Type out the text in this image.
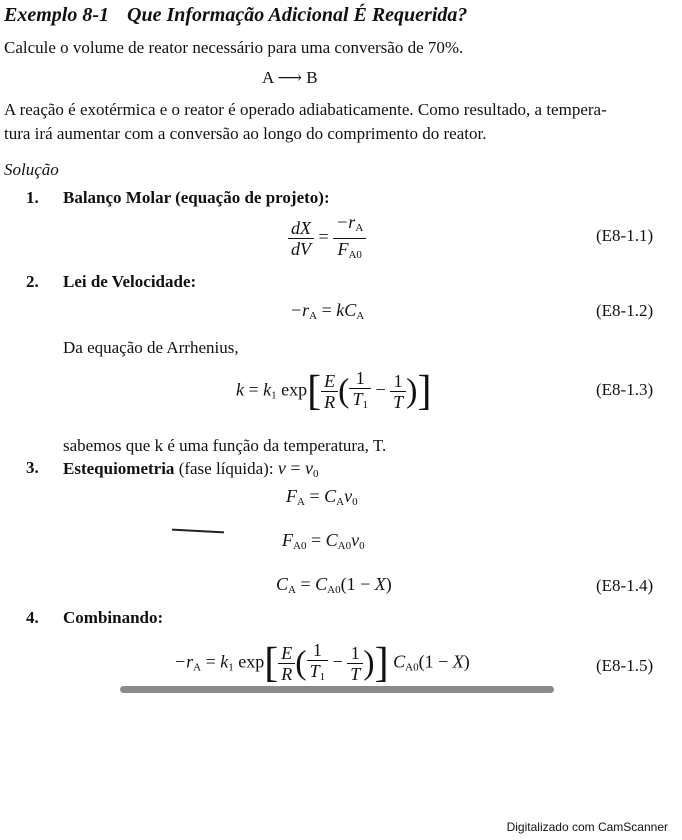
Exemplo 8-1 Que Informação Adicional É Requerida?
Calcule o volume de reator necessário para uma conversão de 70%.
A ⟶ B
A reação é exotérmica e o reator é operado adiabaticamente. Como resultado, a tempera-
tura irá aumentar com a conversão ao longo do comprimento do reator.
Solução
1. Balanço Molar (equação de projeto):
$\frac{dX}{dV} = \frac{-r_A}{F_{A0}}$	(E8-1.1)
2. Lei de Velocidade:
$-r_A = kC_A$	(E8-1.2)
Da equação de Arrhenius,
$k = k_1$ $\exp[ \frac{E}{R}$ ( $\frac{1}{T_1} - \frac{1}{T}$ )]	(E8-1.3)
sabemos que k é uma função da temperatura, T.
3. Estequiometria (fase líquida): $v = v_0$
$F_A = C_Av_0$
$F_{A0} = C_{A0}v_0$
$C_A = C_{A0}(1 - X)$	(E8-1.4)
4. Combinando:
$-r_A = k_1$ $\exp[ \frac{E}{R}$ ( $\frac{1}{T_1} - \frac{1}{T}$ )] $C_{A0}(1 - X)$	(E8-1.5)
Digitalizado com CamScanner
